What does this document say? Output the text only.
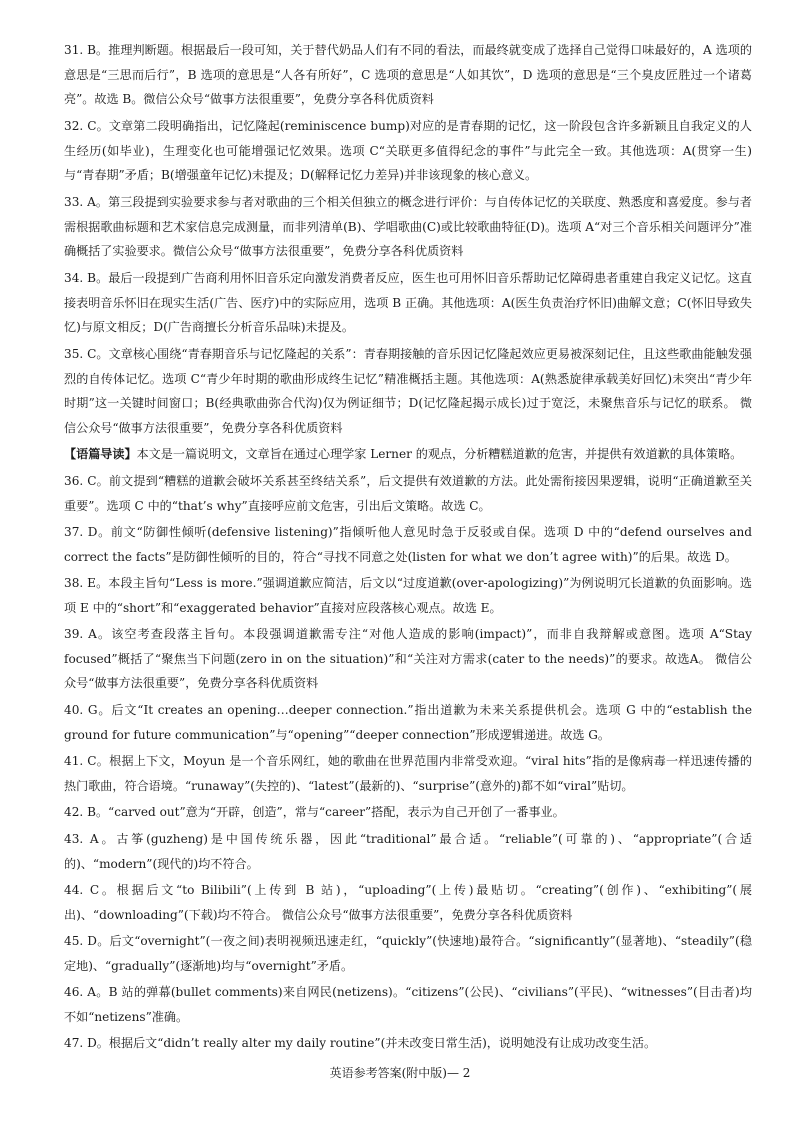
31. B。推理判断题。根据最后一段可知，关于替代奶品人们有不同的看法，而最终就变成了选择自己觉得口味最好的，A 选项的意思是“三思而后行”，B 选项的意思是“人各有所好”，C 选项的意思是“人如其饮”，D 选项的意思是“三个臭皮匠胜过一个诸葛亮”。故选 B。微信公众号“做事方法很重要”，免费分享各科优质资料
32. C。文章第二段明确指出，记忆隆起(reminiscence bump)对应的是青春期的记忆，这一阶段包含许多新颖且自我定义的人生经历(如毕业)，生理变化也可能增强记忆效果。选项 C“关联更多值得纪念的事件”与此完全一致。其他选项：A(贯穿一生)与“青春期”矛盾；B(增强童年记忆)未提及；D(解释记忆力差异)并非该现象的核心意义。
33. A。第三段提到实验要求参与者对歌曲的三个相关但独立的概念进行评价：与自传体记忆的关联度、熟悉度和喜爱度。参与者需根据歌曲标题和艺术家信息完成测量，而非列清单(B)、学唱歌曲(C)或比较歌曲特征(D)。选项 A“对三个音乐相关问题评分”准确概括了实验要求。微信公众号“做事方法很重要”，免费分享各科优质资料
34. B。最后一段提到广告商利用怀旧音乐定向激发消费者反应，医生也可用怀旧音乐帮助记忆障碍患者重建自我定义记忆。这直接表明音乐怀旧在现实生活(广告、医疗)中的实际应用，选项 B 正确。其他选项：A(医生负责治疗怀旧)曲解文意；C(怀旧导致失忆)与原文相反；D(广告商擅长分析音乐品味)未提及。
35. C。文章核心围绕“青春期音乐与记忆隆起的关系”：青春期接触的音乐因记忆隆起效应更易被深刻记住，且这些歌曲能触发强烈的自传体记忆。选项 C“青少年时期的歌曲形成终生记忆”精准概括主题。其他选项：A(熟悉旋律承载美好回忆)未突出“青少年时期”这一关键时间窗口；B(经典歌曲弥合代沟)仅为例证细节；D(记忆隆起揭示成长)过于宽泛，未聚焦音乐与记忆的联系。 微信公众号“做事方法很重要”，免费分享各科优质资料
【语篇导读】本文是一篇说明文，文章旨在通过心理学家 Lerner 的观点，分析糟糕道歉的危害，并提供有效道歉的具体策略。
36. C。前文提到“糟糕的道歉会破坏关系甚至终结关系”，后文提供有效道歉的方法。此处需衔接因果逻辑，说明“正确道歉至关重要”。选项 C 中的“that’s why”直接呼应前文危害，引出后文策略。故选 C。
37. D。前文“防御性倾听(defensive listening)”指倾听他人意见时急于反驳或自保。选项 D 中的“defend ourselves and correct the facts”是防御性倾听的目的，符合“寻找不同意之处(listen for what we don’t agree with)”的后果。故选 D。
38. E。本段主旨句“Less is more.”强调道歉应简洁，后文以“过度道歉(over-apologizing)”为例说明冗长道歉的负面影响。选项 E 中的“short”和“exaggerated behavior”直接对应段落核心观点。故选 E。
39. A。该空考查段落主旨句。本段强调道歉需专注“对他人造成的影响(impact)”，而非自我辩解或意图。选项 A“Stay focused”概括了“聚焦当下问题(zero in on the situation)”和“关注对方需求(cater to the needs)”的要求。故选A。 微信公众号“做事方法很重要”，免费分享各科优质资料
40. G。后文“It creates an opening…deeper connection.”指出道歉为未来关系提供机会。选项 G 中的“establish the ground for future communication”与“opening”“deeper connection”形成逻辑递进。故选 G。
41. C。根据上下文，Moyun 是一个音乐网红，她的歌曲在世界范围内非常受欢迎。“viral hits”指的是像病毒一样迅速传播的热门歌曲，符合语境。“runaway”(失控的)、“latest”(最新的)、“surprise”(意外的)都不如“viral”贴切。
42. B。“carved out”意为“开辟，创造”，常与“career”搭配，表示为自己开创了一番事业。
43. A。古筝(guzheng)是中国传统乐器，因此“traditional”最合适。“reliable”(可靠的)、“appropriate”(合适的)、“modern”(现代的)均不符合。
44. C。根据后文“to Bilibili”(上传到 B 站)，“uploading”(上传)最贴切。“creating”(创作)、“exhibiting”(展出)、“downloading”(下载)均不符合。 微信公众号“做事方法很重要”，免费分享各科优质资料
45. D。后文“overnight”(一夜之间)表明视频迅速走红，“quickly”(快速地)最符合。“significantly”(显著地)、“steadily”(稳定地)、“gradually”(逐渐地)均与“overnight”矛盾。
46. A。B 站的弹幕(bullet comments)来自网民(netizens)。“citizens”(公民)、“civilians”(平民)、“witnesses”(目击者)均不如“netizens”准确。
47. D。根据后文“didn’t really alter my daily routine”(并未改变日常生活)，说明她没有让成功改变生活。
英语参考答案(附中版)— 2
